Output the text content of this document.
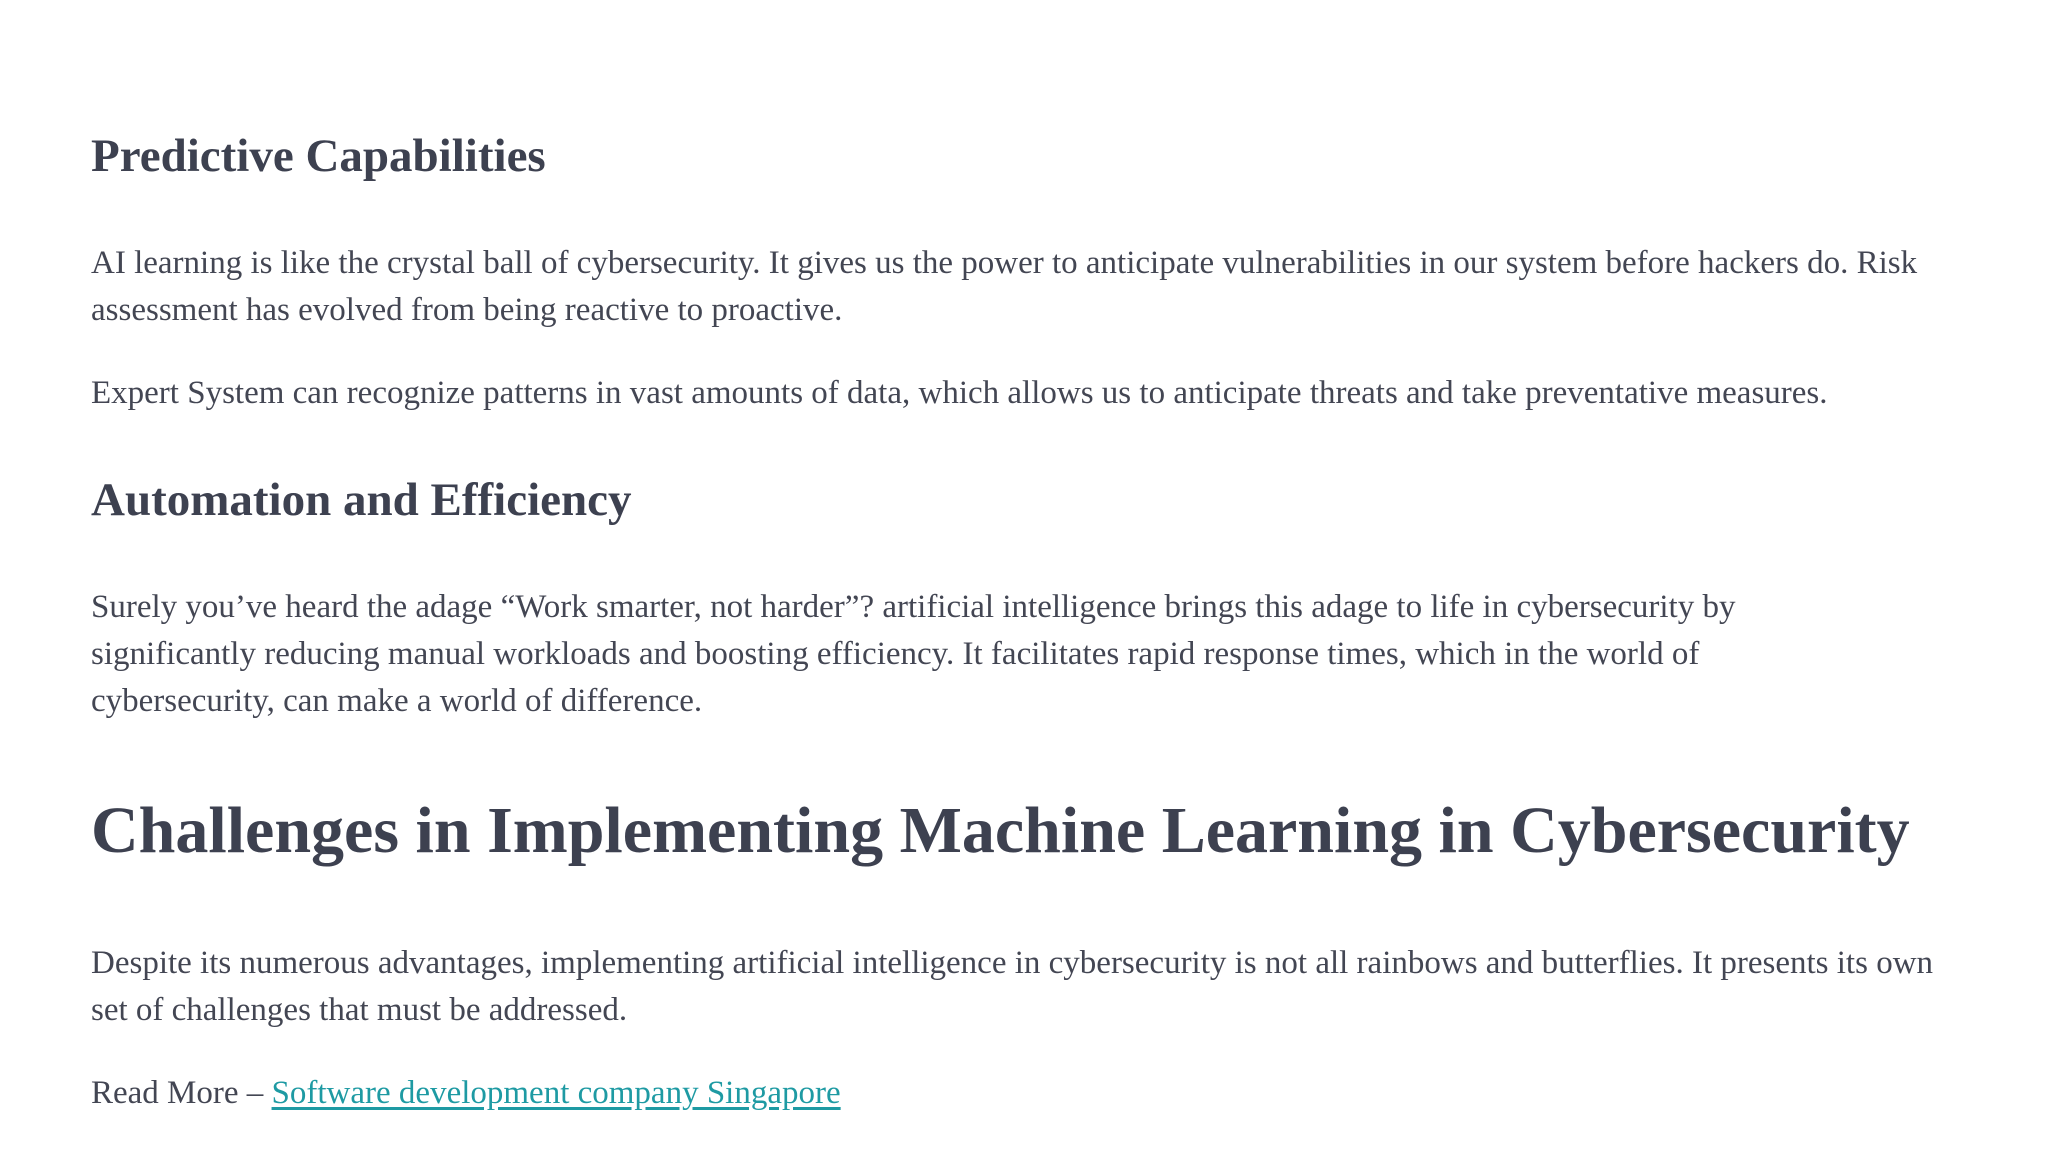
Predictive Capabilities

AI learning is like the crystal ball of cybersecurity. It gives us the power to anticipate vulnerabilities in our system before hackers do. Risk assessment has evolved from being reactive to proactive.

Expert System can recognize patterns in vast amounts of data, which allows us to anticipate threats and take preventative measures.

Automation and Efficiency

Surely you’ve heard the adage “Work smarter, not harder”? artificial intelligence brings this adage to life in cybersecurity by significantly reducing manual workloads and boosting efficiency. It facilitates rapid response times, which in the world of cybersecurity, can make a world of difference.

Challenges in Implementing Machine Learning in Cybersecurity

Despite its numerous advantages, implementing artificial intelligence in cybersecurity is not all rainbows and butterflies. It presents its own set of challenges that must be addressed.

Read More – Software development company Singapore
